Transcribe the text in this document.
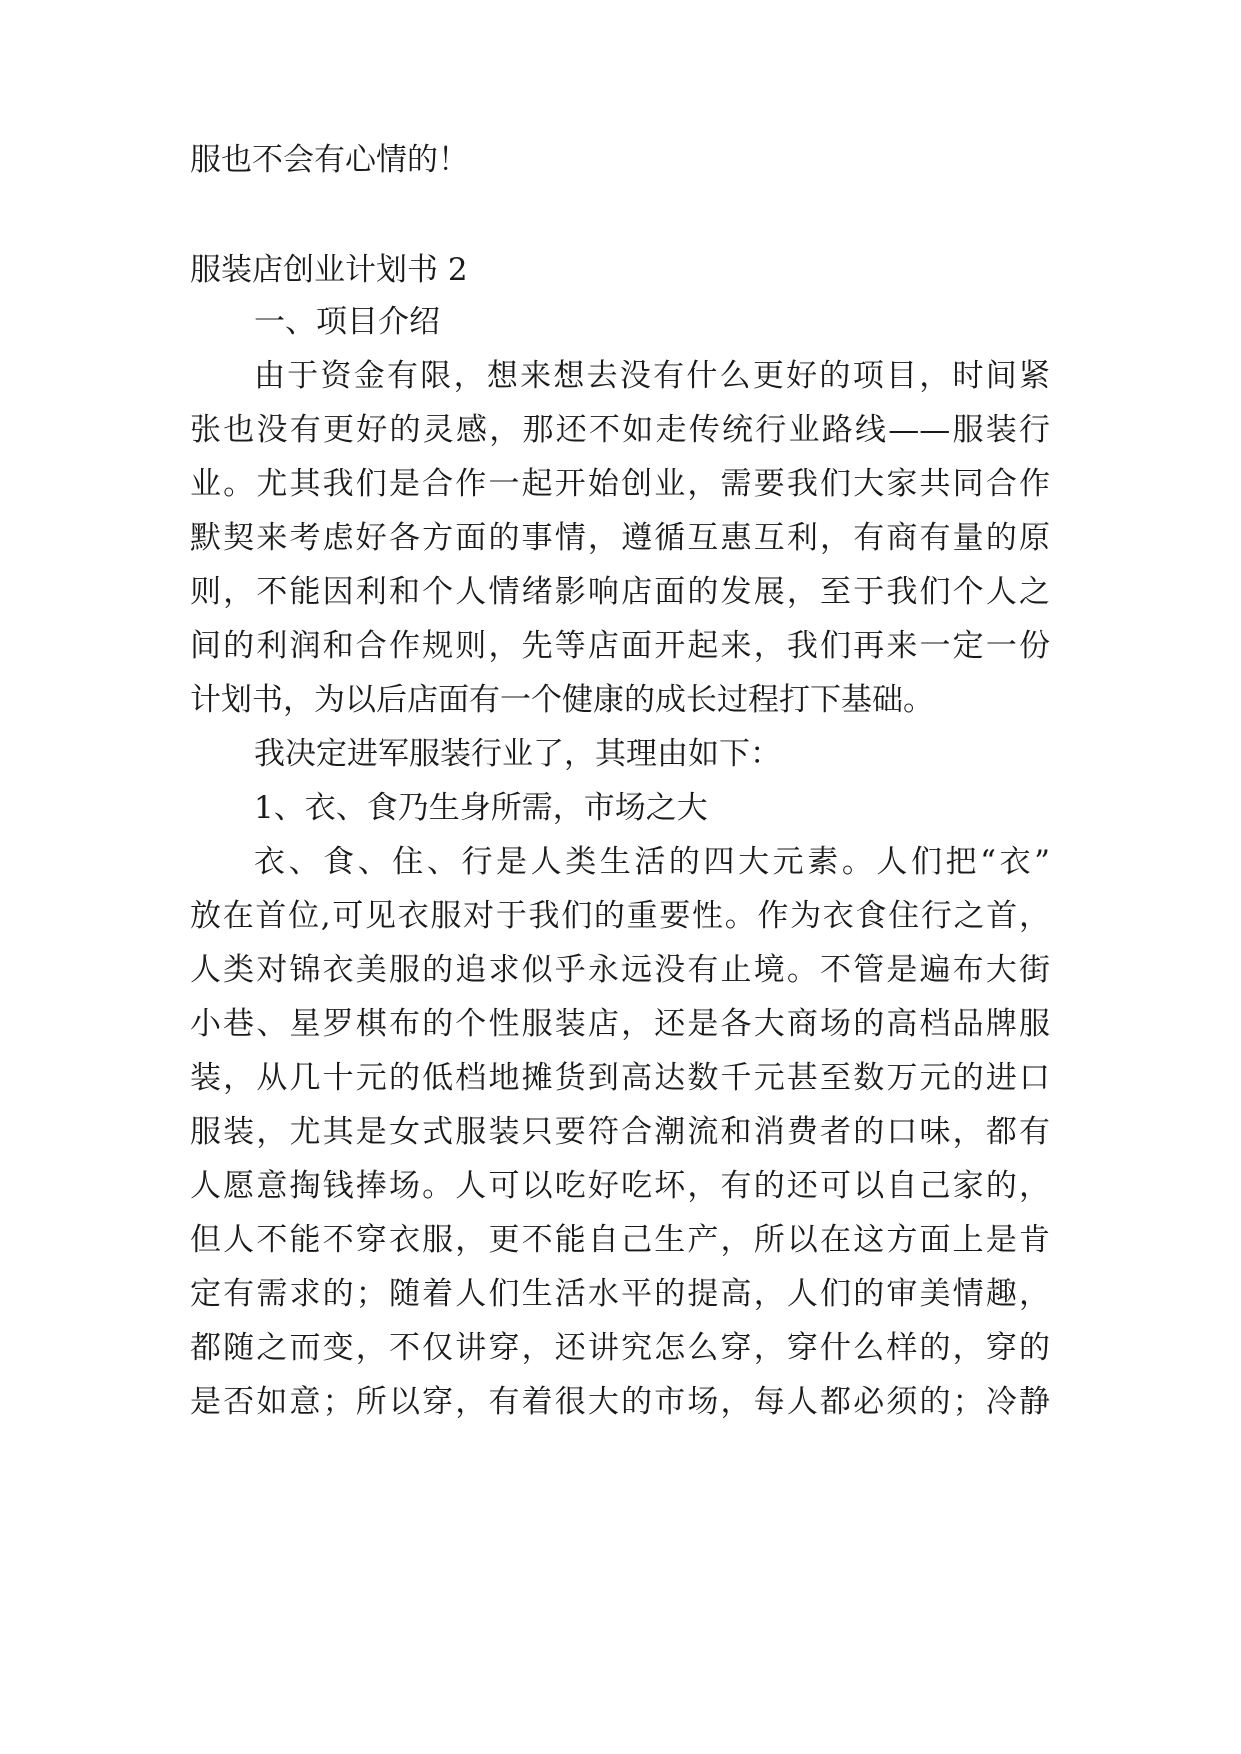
服也不会有心情的！
服装店创业计划书 2
一、项目介绍
由于资金有限，想来想去没有什么更好的项目，时间紧
张也没有更好的灵感，那还不如走传统行业路线——服装行
业。尤其我们是合作一起开始创业，需要我们大家共同合作
默契来考虑好各方面的事情，遵循互惠互利，有商有量的原
则，不能因利和个人情绪影响店面的发展，至于我们个人之
间的利润和合作规则，先等店面开起来，我们再来一定一份
计划书，为以后店面有一个健康的成长过程打下基础。
我决定进军服装行业了，其理由如下：
1、衣、食乃生身所需，市场之大
衣、食、住、行是人类生活的四大元素。人们把“衣”
放在首位,可见衣服对于我们的重要性。作为衣食住行之首，
人类对锦衣美服的追求似乎永远没有止境。不管是遍布大街
小巷、星罗棋布的个性服装店，还是各大商场的高档品牌服
装，从几十元的低档地摊货到高达数千元甚至数万元的进口
服装，尤其是女式服装只要符合潮流和消费者的口味，都有
人愿意掏钱捧场。人可以吃好吃坏，有的还可以自己家的，
但人不能不穿衣服，更不能自己生产，所以在这方面上是肯
定有需求的；随着人们生活水平的提高，人们的审美情趣，
都随之而变，不仅讲穿，还讲究怎么穿，穿什么样的，穿的
是否如意；所以穿，有着很大的市场，每人都必须的；冷静
